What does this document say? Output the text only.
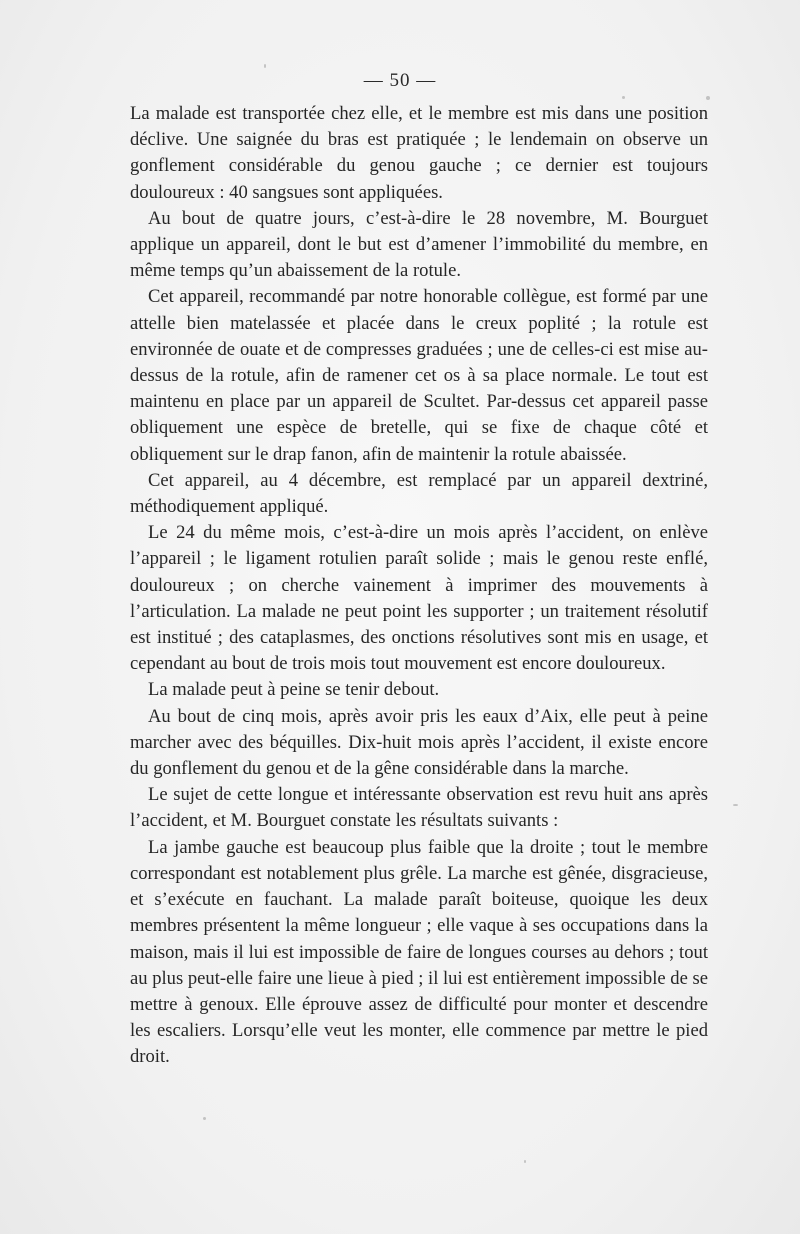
— 50 —

La malade est transportée chez elle, et le membre est mis dans une position déclive. Une saignée du bras est pratiquée ; le lendemain on observe un gonflement considérable du genou gauche ; ce dernier est toujours douloureux : 40 sangsues sont appliquées.

Au bout de quatre jours, c’est-à-dire le 28 novembre, M. Bourguet applique un appareil, dont le but est d’amener l’immobilité du membre, en même temps qu’un abaissement de la rotule.

Cet appareil, recommandé par notre honorable collègue, est formé par une attelle bien matelassée et placée dans le creux poplité ; la rotule est environnée de ouate et de compresses graduées ; une de celles-ci est mise au-dessus de la rotule, afin de ramener cet os à sa place normale. Le tout est maintenu en place par un appareil de Scultet. Par-dessus cet appareil passe obliquement une espèce de bretelle, qui se fixe de chaque côté et obliquement sur le drap fanon, afin de maintenir la rotule abaissée.

Cet appareil, au 4 décembre, est remplacé par un appareil dextriné, méthodiquement appliqué.

Le 24 du même mois, c’est-à-dire un mois après l’accident, on enlève l’appareil ; le ligament rotulien paraît solide ; mais le genou reste enflé, douloureux ; on cherche vainement à imprimer des mouvements à l’articulation. La malade ne peut point les supporter ; un traitement résolutif est institué ; des cataplasmes, des onctions résolutives sont mis en usage, et cependant au bout de trois mois tout mouvement est encore douloureux.

La malade peut à peine se tenir debout.

Au bout de cinq mois, après avoir pris les eaux d’Aix, elle peut à peine marcher avec des béquilles. Dix-huit mois après l’accident, il existe encore du gonflement du genou et de la gêne considérable dans la marche.

Le sujet de cette longue et intéressante observation est revu huit ans après l’accident, et M. Bourguet constate les résultats suivants :

La jambe gauche est beaucoup plus faible que la droite ; tout le membre correspondant est notablement plus grêle. La marche est gênée, disgracieuse, et s’exécute en fauchant. La malade paraît boiteuse, quoique les deux membres présentent la même longueur ; elle vaque à ses occupations dans la maison, mais il lui est impossible de faire de longues courses au dehors ; tout au plus peut-elle faire une lieue à pied ; il lui est entièrement impossible de se mettre à genoux. Elle éprouve assez de difficulté pour monter et descendre les escaliers. Lorsqu’elle veut les monter, elle commence par mettre le pied droit.
